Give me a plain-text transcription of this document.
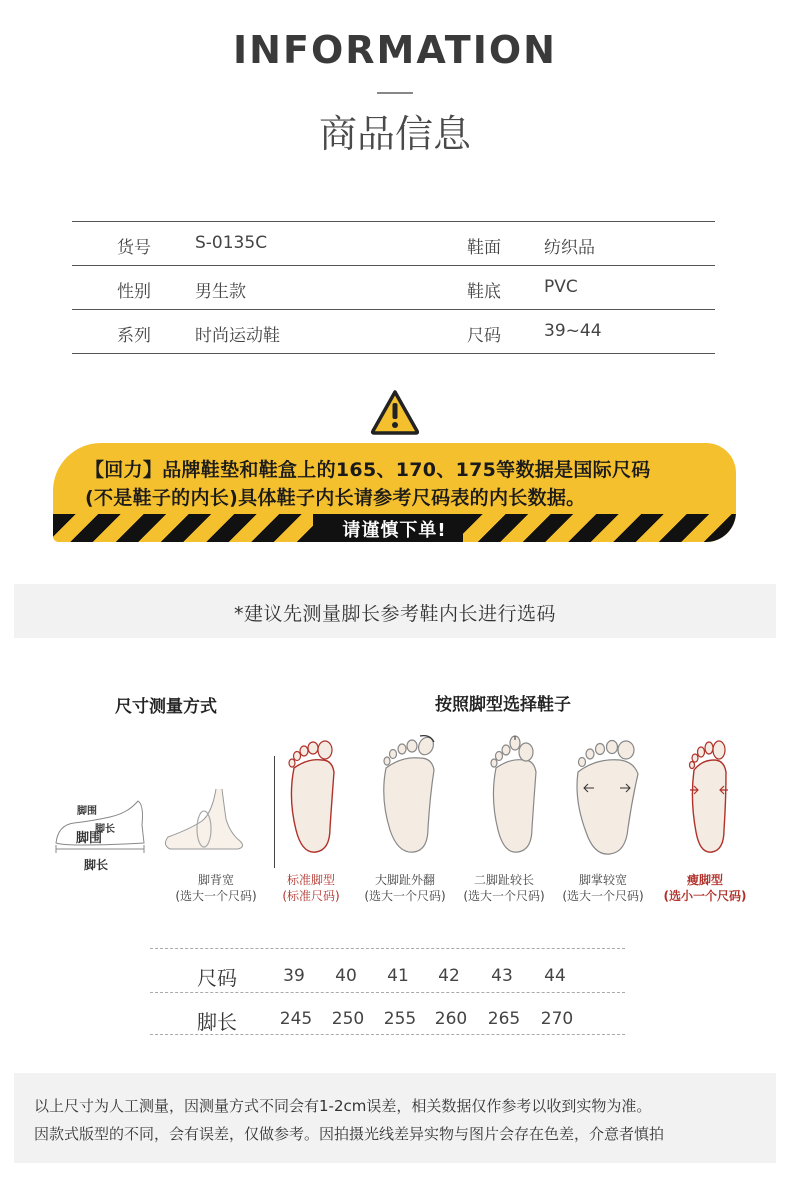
INFORMATION
商品信息
货号	S-0135C	鞋面	纺织品
性别	男生款	鞋底	PVC
系列	时尚运动鞋	尺码	39~44
【回力】品牌鞋垫和鞋盒上的165、170、175等数据是国际尺码
(不是鞋子的内长)具体鞋子内长请参考尺码表的内长数据。
请谨慎下单!
*建议先测量脚长参考鞋内长进行选码
尺寸测量方式	按照脚型选择鞋子
脚围
脚长
脚围
脚长
脚背宽
(选大一个尺码)
标准脚型
(标准尺码)
大脚趾外翻
(选大一个尺码)
二脚趾较长
(选大一个尺码)
脚掌较宽
(选大一个尺码)
瘦脚型
(选小一个尺码)
尺码	39	40	41	42	43	44
脚长	245	250	255	260	265	270
以上尺寸为人工测量，因测量方式不同会有1-2cm误差，相关数据仅作参考以收到实物为准。
因款式版型的不同，会有误差，仅做参考。因拍摄光线差异实物与图片会存在色差，介意者慎拍
